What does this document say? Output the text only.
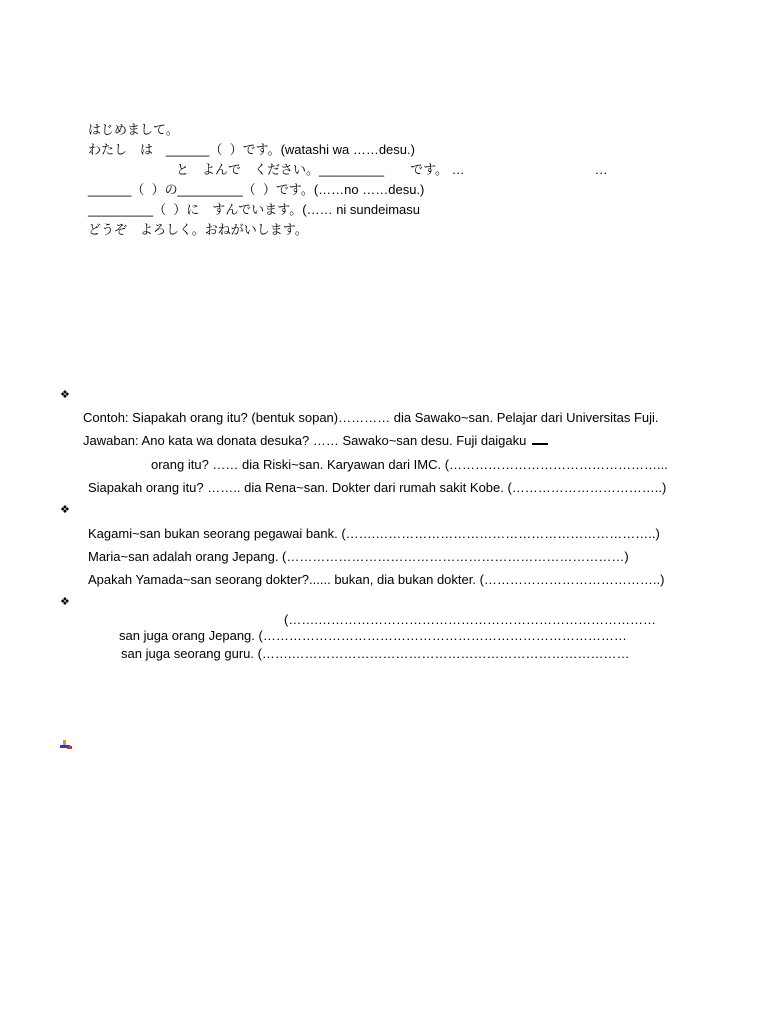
はじめまして。
わたし　は　______（  ）です。(watashi wa ……desu.)
と　よんで　ください。_________　　です。 …                                    …
______（  ）の_________（  ）です。(……no ……desu.)
_________（  ）に　すんでいます。(…… ni sundeimasu
どうぞ　よろしく。おねがいします。
❖
Contoh: Siapakah orang itu? (bentuk sopan)………… dia Sawako~san. Pelajar dari Universitas Fuji.
Jawaban: Ano kata wa donata desuka? …… Sawako~san desu. Fuji daigaku
orang itu? …… dia Riski~san. Karyawan dari IMC. (…………………………………………...
Siapakah orang itu? …….. dia Rena~san. Dokter dari rumah sakit Kobe. (……………………………..)
❖
Kagami~san bukan seorang pegawai bank. (…….………………………………………………………..)
Maria~san adalah orang Jepang. (……………………………………………………………………)
Apakah Yamada~san seorang dokter?...... bukan, dia bukan dokter. (…………………………………..)
❖
(…….……………………………………………………………………
san juga orang Jepang. (…………………………………………………………………………
san juga seorang guru. (…….……………………………………………………………………
